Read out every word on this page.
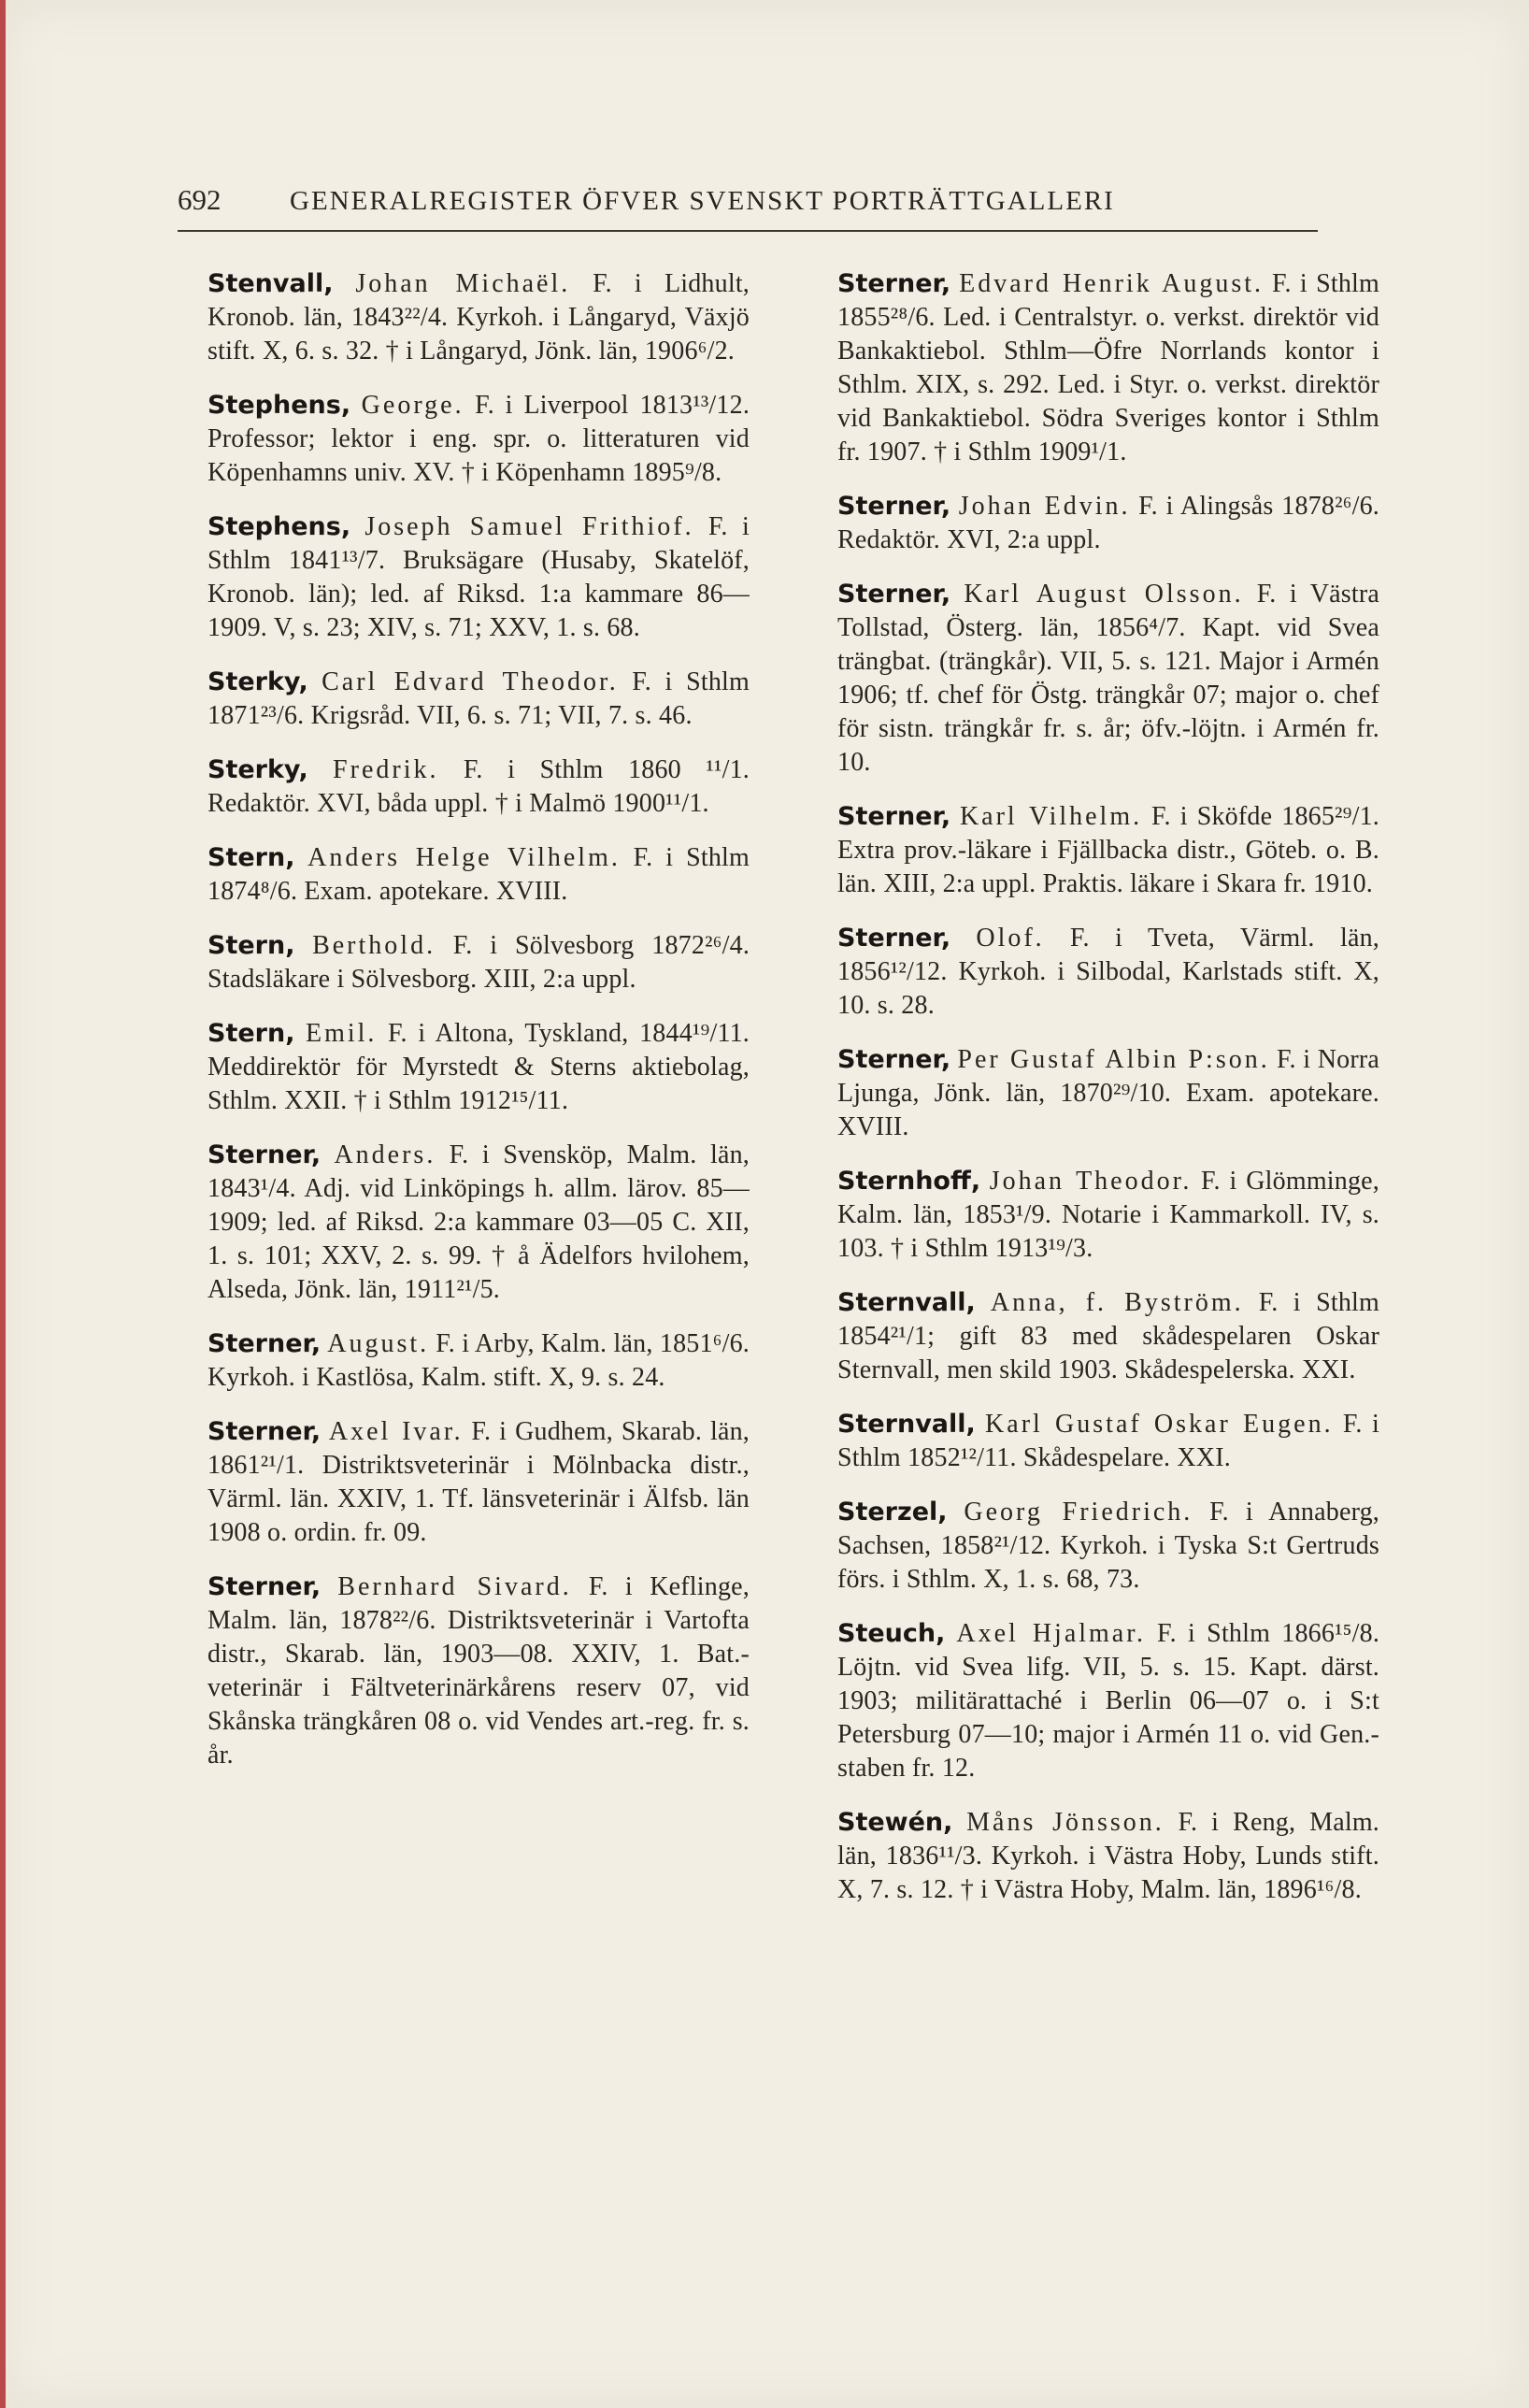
692	GENERALREGISTER ÖFVER SVENSKT PORTRÄTTGALLERI

Stenvall, Johan Michaël. F. i Lidhult, Kronob. län, 1843²²/4. Kyrkoh. i Långaryd, Växjö stift. X, 6. s. 32. † i Långaryd, Jönk. län, 1906⁶/2.

Stephens, George. F. i Liverpool 1813¹³/12. Professor; lektor i eng. spr. o. litteraturen vid Köpenhamns univ. XV. † i Köpenhamn 1895⁹/8.

Stephens, Joseph Samuel Frithiof. F. i Sthlm 1841¹³/7. Bruksägare (Husaby, Skatelöf, Kronob. län); led. af Riksd. 1:a kammare 86—1909. V, s. 23; XIV, s. 71; XXV, 1. s. 68.

Sterky, Carl Edvard Theodor. F. i Sthlm 1871²³/6. Krigsråd. VII, 6. s. 71; VII, 7. s. 46.

Sterky, Fredrik. F. i Sthlm 1860 ¹¹/1. Redaktör. XVI, båda uppl. † i Malmö 1900¹¹/1.

Stern, Anders Helge Vilhelm. F. i Sthlm 1874⁸/6. Exam. apotekare. XVIII.

Stern, Berthold. F. i Sölvesborg 1872²⁶/4. Stadsläkare i Sölvesborg. XIII, 2:a uppl.

Stern, Emil. F. i Altona, Tyskland, 1844¹⁹/11. Meddirektör för Myrstedt & Sterns aktiebolag, Sthlm. XXII. † i Sthlm 1912¹⁵/11.

Sterner, Anders. F. i Svensköp, Malm. län, 1843¹/4. Adj. vid Linköpings h. allm. lärov. 85—1909; led. af Riksd. 2:a kammare 03—05 C. XII, 1. s. 101; XXV, 2. s. 99. † å Ädelfors hvilohem, Alseda, Jönk. län, 1911²¹/5.

Sterner, August. F. i Arby, Kalm. län, 1851⁶/6. Kyrkoh. i Kastlösa, Kalm. stift. X, 9. s. 24.

Sterner, Axel Ivar. F. i Gudhem, Skarab. län, 1861²¹/1. Distriktsveterinär i Mölnbacka distr., Värml. län. XXIV, 1. Tf. länsveterinär i Älfsb. län 1908 o. ordin. fr. 09.

Sterner, Bernhard Sivard. F. i Keflinge, Malm. län, 1878²²/6. Distriktsveterinär i Vartofta distr., Skarab. län, 1903—08. XXIV, 1. Bat.-veterinär i Fältveterinärkårens reserv 07, vid Skånska trängkåren 08 o. vid Vendes art.-reg. fr. s. år.

Sterner, Edvard Henrik August. F. i Sthlm 1855²⁸/6. Led. i Centralstyr. o. verkst. direktör vid Bankaktiebol. Sthlm—Öfre Norrlands kontor i Sthlm. XIX, s. 292. Led. i Styr. o. verkst. direktör vid Bankaktiebol. Södra Sveriges kontor i Sthlm fr. 1907. † i Sthlm 1909¹/1.

Sterner, Johan Edvin. F. i Alingsås 1878²⁶/6. Redaktör. XVI, 2:a uppl.

Sterner, Karl August Olsson. F. i Västra Tollstad, Österg. län, 1856⁴/7. Kapt. vid Svea trängbat. (trängkår). VII, 5. s. 121. Major i Armén 1906; tf. chef för Östg. trängkår 07; major o. chef för sistn. trängkår fr. s. år; öfv.-löjtn. i Armén fr. 10.

Sterner, Karl Vilhelm. F. i Sköfde 1865²⁹/1. Extra prov.-läkare i Fjällbacka distr., Göteb. o. B. län. XIII, 2:a uppl. Praktis. läkare i Skara fr. 1910.

Sterner, Olof. F. i Tveta, Värml. län, 1856¹²/12. Kyrkoh. i Silbodal, Karlstads stift. X, 10. s. 28.

Sterner, Per Gustaf Albin P:son. F. i Norra Ljunga, Jönk. län, 1870²⁹/10. Exam. apotekare. XVIII.

Sternhoff, Johan Theodor. F. i Glömminge, Kalm. län, 1853¹/9. Notarie i Kammarkoll. IV, s. 103. † i Sthlm 1913¹⁹/3.

Sternvall, Anna, f. Byström. F. i Sthlm 1854²¹/1; gift 83 med skådespelaren Oskar Sternvall, men skild 1903. Skådespelerska. XXI.

Sternvall, Karl Gustaf Oskar Eugen. F. i Sthlm 1852¹²/11. Skådespelare. XXI.

Sterzel, Georg Friedrich. F. i Annaberg, Sachsen, 1858²¹/12. Kyrkoh. i Tyska S:t Gertruds förs. i Sthlm. X, 1. s. 68, 73.

Steuch, Axel Hjalmar. F. i Sthlm 1866¹⁵/8. Löjtn. vid Svea lifg. VII, 5. s. 15. Kapt. därst. 1903; militärattaché i Berlin 06—07 o. i S:t Petersburg 07—10; major i Armén 11 o. vid Gen.-staben fr. 12.

Stewén, Måns Jönsson. F. i Reng, Malm. län, 1836¹¹/3. Kyrkoh. i Västra Hoby, Lunds stift. X, 7. s. 12. † i Västra Hoby, Malm. län, 1896¹⁶/8.
